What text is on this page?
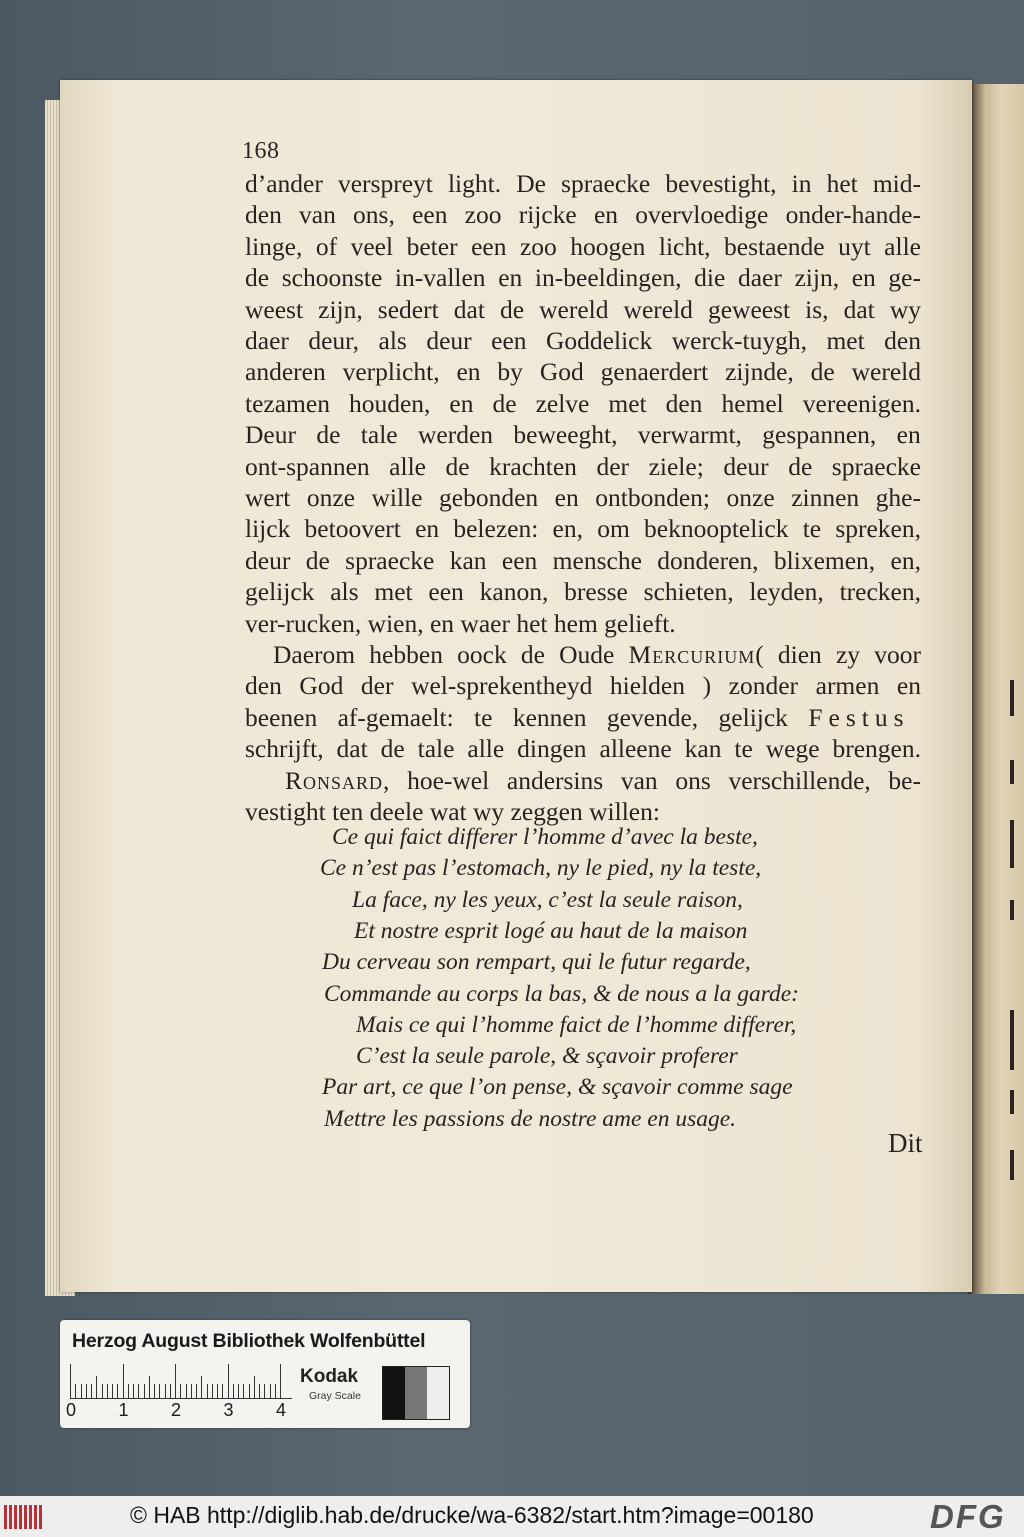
168
d’ander verspreyt light. De spraecke bevestight, in het mid-
den van ons, een zoo rijcke en overvloedige onder-hande-
linge, of veel beter een zoo hoogen licht, bestaende uyt alle
de schoonste in-vallen en in-beeldingen, die daer zijn, en ge-
weest zijn, sedert dat de wereld wereld geweest is, dat wy
daer deur, als deur een Goddelick werck-tuygh, met den
anderen verplicht, en by God genaerdert zijnde, de wereld
tezamen houden, en de zelve met den hemel vereenigen.
Deur de tale werden beweeght, verwarmt, gespannen, en
ont-spannen alle de krachten der ziele; deur de spraecke
wert onze wille gebonden en ontbonden; onze zinnen ghe-
lijck betoovert en belezen: en, om beknooptelick te spreken,
deur de spraecke kan een mensche donderen, blixemen, en,
gelijck als met een kanon, bresse schieten, leyden, trecken,
ver-rucken, wien, en waer het hem gelieft.
Daerom hebben oock de Oude Mercurium( dien zy voor
den God der wel-sprekentheyd hielden ) zonder armen en
beenen af-gemaelt: te kennen gevende, gelijck Festus
schrijft, dat de tale alle dingen alleene kan te wege brengen.
Ronsard, hoe-wel andersins van ons verschillende, be-
vestight ten deele wat wy zeggen willen:
Ce qui faict differer l’homme d’avec la beste,
Ce n’est pas l’estomach, ny le pied, ny la teste,
La face, ny les yeux, c’est la seule raison,
Et nostre esprit logé au haut de la maison
Du cerveau son rempart, qui le futur regarde,
Commande au corps la bas, & de nous a la garde:
Mais ce qui l’homme faict de l’homme differer,
C’est la seule parole, & sçavoir proferer
Par art, ce que l’on pense, & sçavoir comme sage
Mettre les passions de nostre ame en usage.
Dit
Herzog August Bibliothek Wolfenbüttel
0 1 2 3 4
Kodak
Gray Scale
© HAB http://diglib.hab.de/drucke/wa-6382/start.htm?image=00180	DFG
